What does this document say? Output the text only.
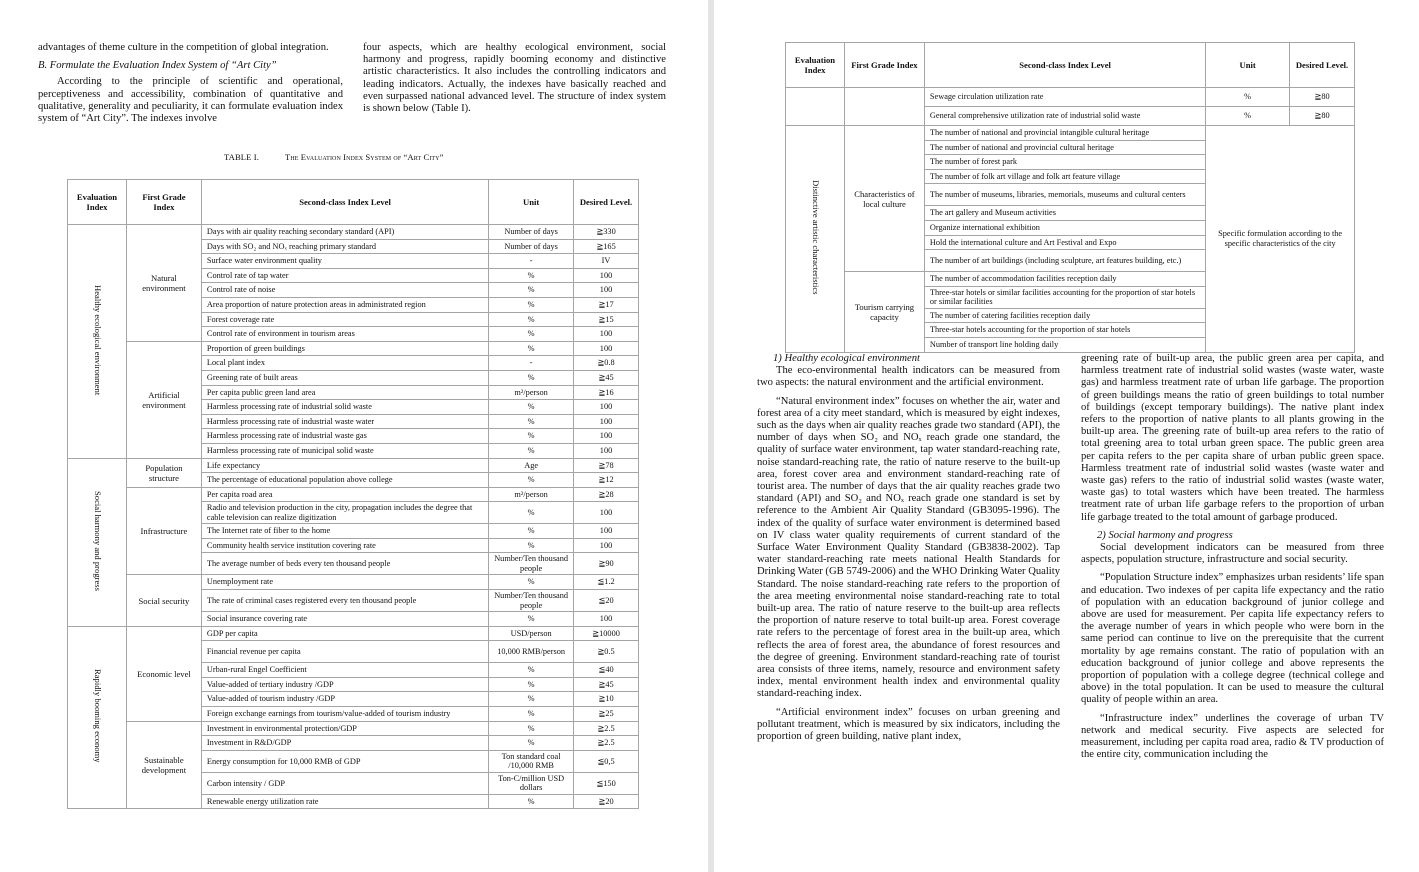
advantages of theme culture in the competition of global integration.

B. Formulate the Evaluation Index System of “Art City”

According to the principle of scientific and operational, perceptiveness and accessibility, combination of quantitative and qualitative, generality and peculiarity, it can formulate evaluation index system of “Art City”. The indexes involve

four aspects, which are healthy ecological environment, social harmony and progress, rapidly booming economy and distinctive artistic characteristics. It also includes the controlling indicators and leading indicators. Actually, the indexes have basically reached and even surpassed national advanced level. The structure of index system is shown below (Table I).

TABLE I.	The Evaluation Index System of “Art City”
Evaluation Index	First Grade Index	Second-class Index Level	Unit	Desired Level.
Healthy ecological environment	Natural environment	Days with air quality reaching secondary standard (API)	Number of days	≧330
		Days with SO₂ and NOₓ reaching primary standard	Number of days	≧165
		Surface water environment quality	-	IV
		Control rate of tap water	%	100
		Control rate of noise	%	100
		Area proportion of nature protection areas in administrated region	%	≧17
		Forest coverage rate	%	≧15
		Control rate of environment in tourism areas	%	100
	Artificial environment	Proportion of green buildings	%	100
		Local plant index	-	≧0.8
		Greening rate of built areas	%	≧45
		Per capita public green land area	m²/person	≧16
		Harmless processing rate of industrial solid waste	%	100
		Harmless processing rate of industrial waste water	%	100
		Harmless processing rate of industrial waste gas	%	100
		Harmless processing rate of municipal solid waste	%	100
Social harmony and progress	Population structure	Life expectancy	Age	≧78
		The percentage of educational population above college	%	≧12
	Infrastructure	Per capita road area	m²/person	≧28
		Radio and television production in the city, propagation includes the degree that cable television can realize digitization	%	100
		The Internet rate of fiber to the home	%	100
		Community health service institution covering rate	%	100
		The average number of beds every ten thousand people	Number/Ten thousand people	≧90
	Social security	Unemployment rate	%	≦1.2
		The rate of criminal cases registered every ten thousand people	Number/Ten thousand people	≦20
		Social insurance covering rate	%	100
Rapidly booming economy	Economic level	GDP per capita	USD/person	≧10000
		Financial revenue per capita	10,000 RMB/person	≧0.5
		Urban-rural Engel Coefficient	%	≦40
		Value-added of tertiary industry /GDP	%	≧45
		Value-added of tourism industry /GDP	%	≧10
		Foreign exchange earnings from tourism/value-added of tourism industry	%	≧25
	Sustainable development	Investment in environmental protection/GDP	%	≧2.5
		Investment in R&D/GDP	%	≧2.5
		Energy consumption for 10,000 RMB of GDP	Ton standard coal /10,000 RMB	≦0,5
		Carbon intensity / GDP	Ton-C/million USD dollars	≦150
		Renewable energy utilization rate	%	≧20
Evaluation Index	First Grade Index	Second-class Index Level	Unit	Desired Level.
		Sewage circulation utilization rate	%	≧80
		General comprehensive utilization rate of industrial solid waste	%	≧80
Distinctive artistic characteristics	Characteristics of local culture	The number of national and provincial intangible cultural heritage	Specific formulation according to the specific characteristics of the city	
		The number of national and provincial cultural heritage		
		The number of forest park		
		The number of folk art village and folk art feature village		
		The number of museums, libraries, memorials, museums and cultural centers		
		The art gallery and Museum activities		
		Organize international exhibition		
		Hold the international culture and Art Festival and Expo		
		The number of art buildings (including sculpture, art features building, etc.)		
	Tourism carrying capacity	The number of accommodation facilities reception daily		
		Three-star hotels or similar facilities accounting for the proportion of star hotels or similar facilities		
		The number of catering facilities reception daily		
		Three-star hotels accounting for the proportion of star hotels		
		Number of transport line holding daily		

1) Healthy ecological environment

The eco-environmental health indicators can be measured from two aspects: the natural environment and the artificial environment.

“Natural environment index” focuses on whether the air, water and forest area of a city meet standard, which is measured by eight indexes, such as the days when air quality reaches grade two standard (API), the number of days when SO₂ and NOₓ reach grade one standard, the quality of surface water environment, tap water standard-reaching rate, noise standard-reaching rate, the ratio of nature reserve to the built-up area, forest cover area and environment standard-reaching rate of tourist area. The number of days that the air quality reaches grade two standard (API) and SO₂ and NOₓ reach grade one standard is set by reference to the Ambient Air Quality Standard (GB3095-1996). The index of the quality of surface water environment is determined based on IV class water quality requirements of current standard of the Surface Water Environment Quality Standard (GB3838-2002). Tap water standard-reaching rate meets national Health Standards for Drinking Water (GB 5749-2006) and the WHO Drinking Water Quality Standard. The noise standard-reaching rate refers to the proportion of the area meeting environmental noise standard-reaching rate to total built-up area. The ratio of nature reserve to the built-up area reflects the proportion of nature reserve to total built-up area. Forest coverage rate refers to the percentage of forest area in the built-up area, which reflects the area of forest area, the abundance of forest resources and the degree of greening. Environment standard-reaching rate of tourist area consists of three items, namely, resource and environment safety index, mental environment health index and environmental quality standard-reaching index.

“Artificial environment index” focuses on urban greening and pollutant treatment, which is measured by six indicators, including the proportion of green building, native plant index,

greening rate of built-up area, the public green area per capita, and harmless treatment rate of industrial solid wastes (waste water, waste gas) and harmless treatment rate of urban life garbage. The proportion of green buildings means the ratio of green buildings to total number of buildings (except temporary buildings). The native plant index refers to the proportion of native plants to all plants growing in the built-up area. The greening rate of built-up area refers to the ratio of total greening area to total urban green space. The public green area per capita refers to the per capita share of urban public green space. Harmless treatment rate of industrial solid wastes (waste water and waste gas) refers to the ratio of industrial solid wastes (waste water, waste gas) to total wasters which have been treated. The harmless treatment rate of urban life garbage refers to the proportion of urban life garbage treated to the total amount of garbage produced.

2) Social harmony and progress

Social development indicators can be measured from three aspects, population structure, infrastructure and social security.

“Population Structure index” emphasizes urban residents’ life span and education. Two indexes of per capita life expectancy and the ratio of population with an education background of junior college and above are used for measurement. Per capita life expectancy refers to the average number of years in which people who were born in the same period can continue to live on the prerequisite that the current mortality by age remains constant. The ratio of population with an education background of junior college and above represents the proportion of population with a college degree (technical college and above) in the total population. It can be used to measure the cultural quality of people within an area.

“Infrastructure index” underlines the coverage of urban TV network and medical security. Five aspects are selected for measurement, including per capita road area, radio & TV production of the entire city, communication including the
